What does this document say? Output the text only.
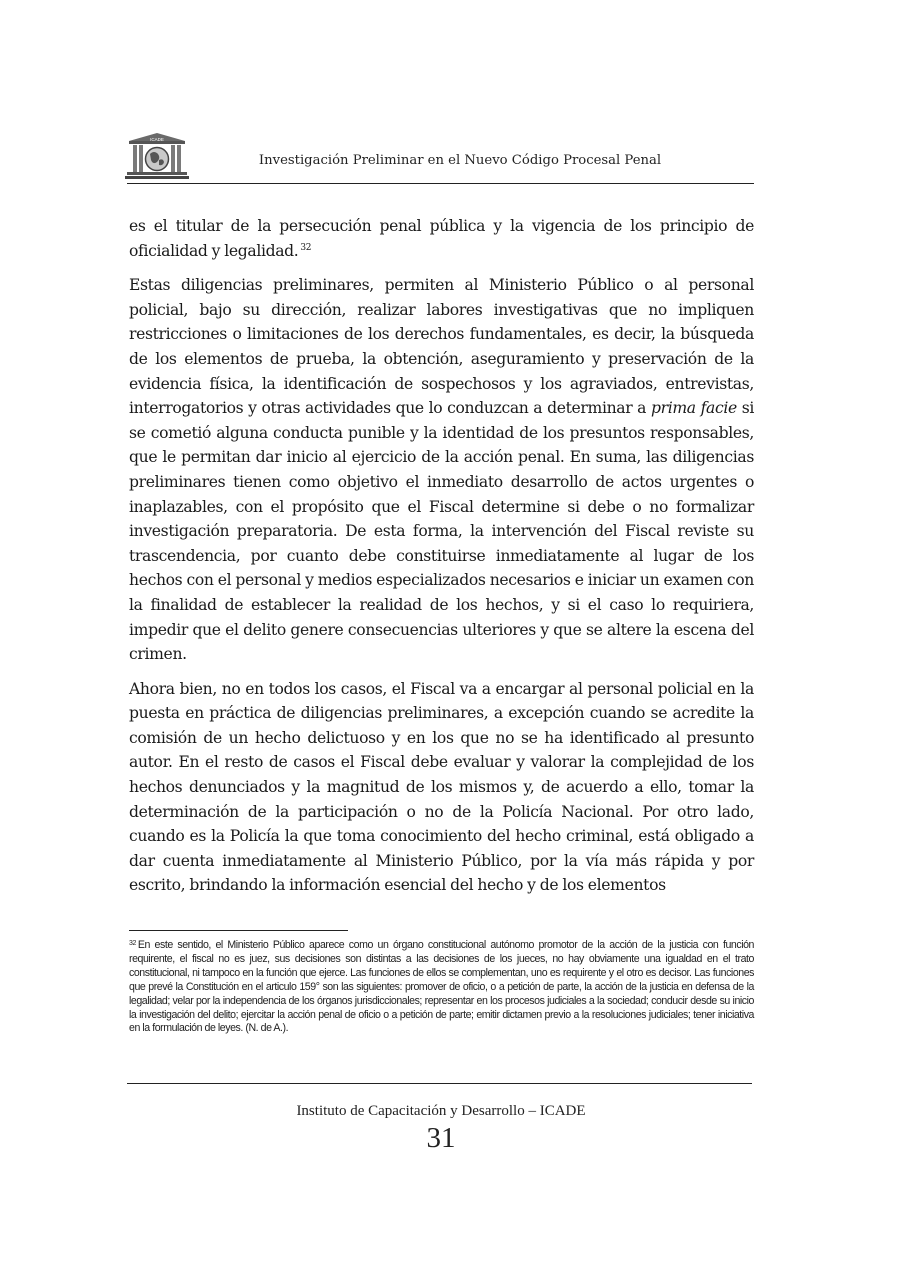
ICADE
Investigación Preliminar en el Nuevo Código Procesal Penal

es el titular de la persecución penal pública y la vigencia de los principio de oficialidad y legalidad. $^{32}$

Estas diligencias preliminares, permiten al Ministerio Público o al personal policial, bajo su dirección, realizar labores investigativas que no impliquen restricciones o limitaciones de los derechos fundamentales, es decir, la búsqueda de los elementos de prueba, la obtención, aseguramiento y preservación de la evidencia física, la identificación de sospechosos y los agraviados, entrevistas, interrogatorios y otras actividades que lo conduzcan a determinar a prima facie si se cometió alguna conducta punible y la identidad de los presuntos responsables, que le permitan dar inicio al ejercicio de la acción penal. En suma, las diligencias preliminares tienen como objetivo el inmediato desarrollo de actos urgentes o inaplazables, con el propósito que el Fiscal determine si debe o no formalizar investigación preparatoria. De esta forma, la intervención del Fiscal reviste su trascendencia, por cuanto debe constituirse inmediatamente al lugar de los hechos con el personal y medios especializados necesarios e iniciar un examen con la finalidad de establecer la realidad de los hechos, y si el caso lo requiriera, impedir que el delito genere consecuencias ulteriores y que se altere la escena del crimen.

Ahora bien, no en todos los casos, el Fiscal va a encargar al personal policial en la puesta en práctica de diligencias preliminares, a excepción cuando se acredite la comisión de un hecho delictuoso y en los que no se ha identificado al presunto autor. En el resto de casos el Fiscal debe evaluar y valorar la complejidad de los hechos denunciados y la magnitud de los mismos y, de acuerdo a ello, tomar la determinación de la participación o no de la Policía Nacional. Por otro lado, cuando es la Policía la que toma conocimiento del hecho criminal, está obligado a dar cuenta inmediatamente al Ministerio Público, por la vía más rápida y por escrito, brindando la información esencial del hecho y de los elementos

$^{32}$ En este sentido, el Ministerio Público aparece como un órgano constitucional autónomo promotor de la acción de la justicia con función requirente, el fiscal no es juez, sus decisiones son distintas a las decisiones de los jueces, no hay obviamente una igualdad en el trato constitucional, ni tampoco en la función que ejerce. Las funciones de ellos se complementan, uno es requirente y el otro es decisor. Las funciones que prevé la Constitución en el articulo 159° son las siguientes: promover de oficio, o a petición de parte, la acción de la justicia en defensa de la legalidad; velar por la independencia de los órganos jurisdiccionales; representar en los procesos judiciales a la sociedad; conducir desde su inicio la investigación del delito; ejercitar la acción penal de oficio o a petición de parte; emitir dictamen previo a la resoluciones judiciales; tener iniciativa en la formulación de leyes. (N. de A.).
Instituto de Capacitación y Desarrollo – ICADE
31
